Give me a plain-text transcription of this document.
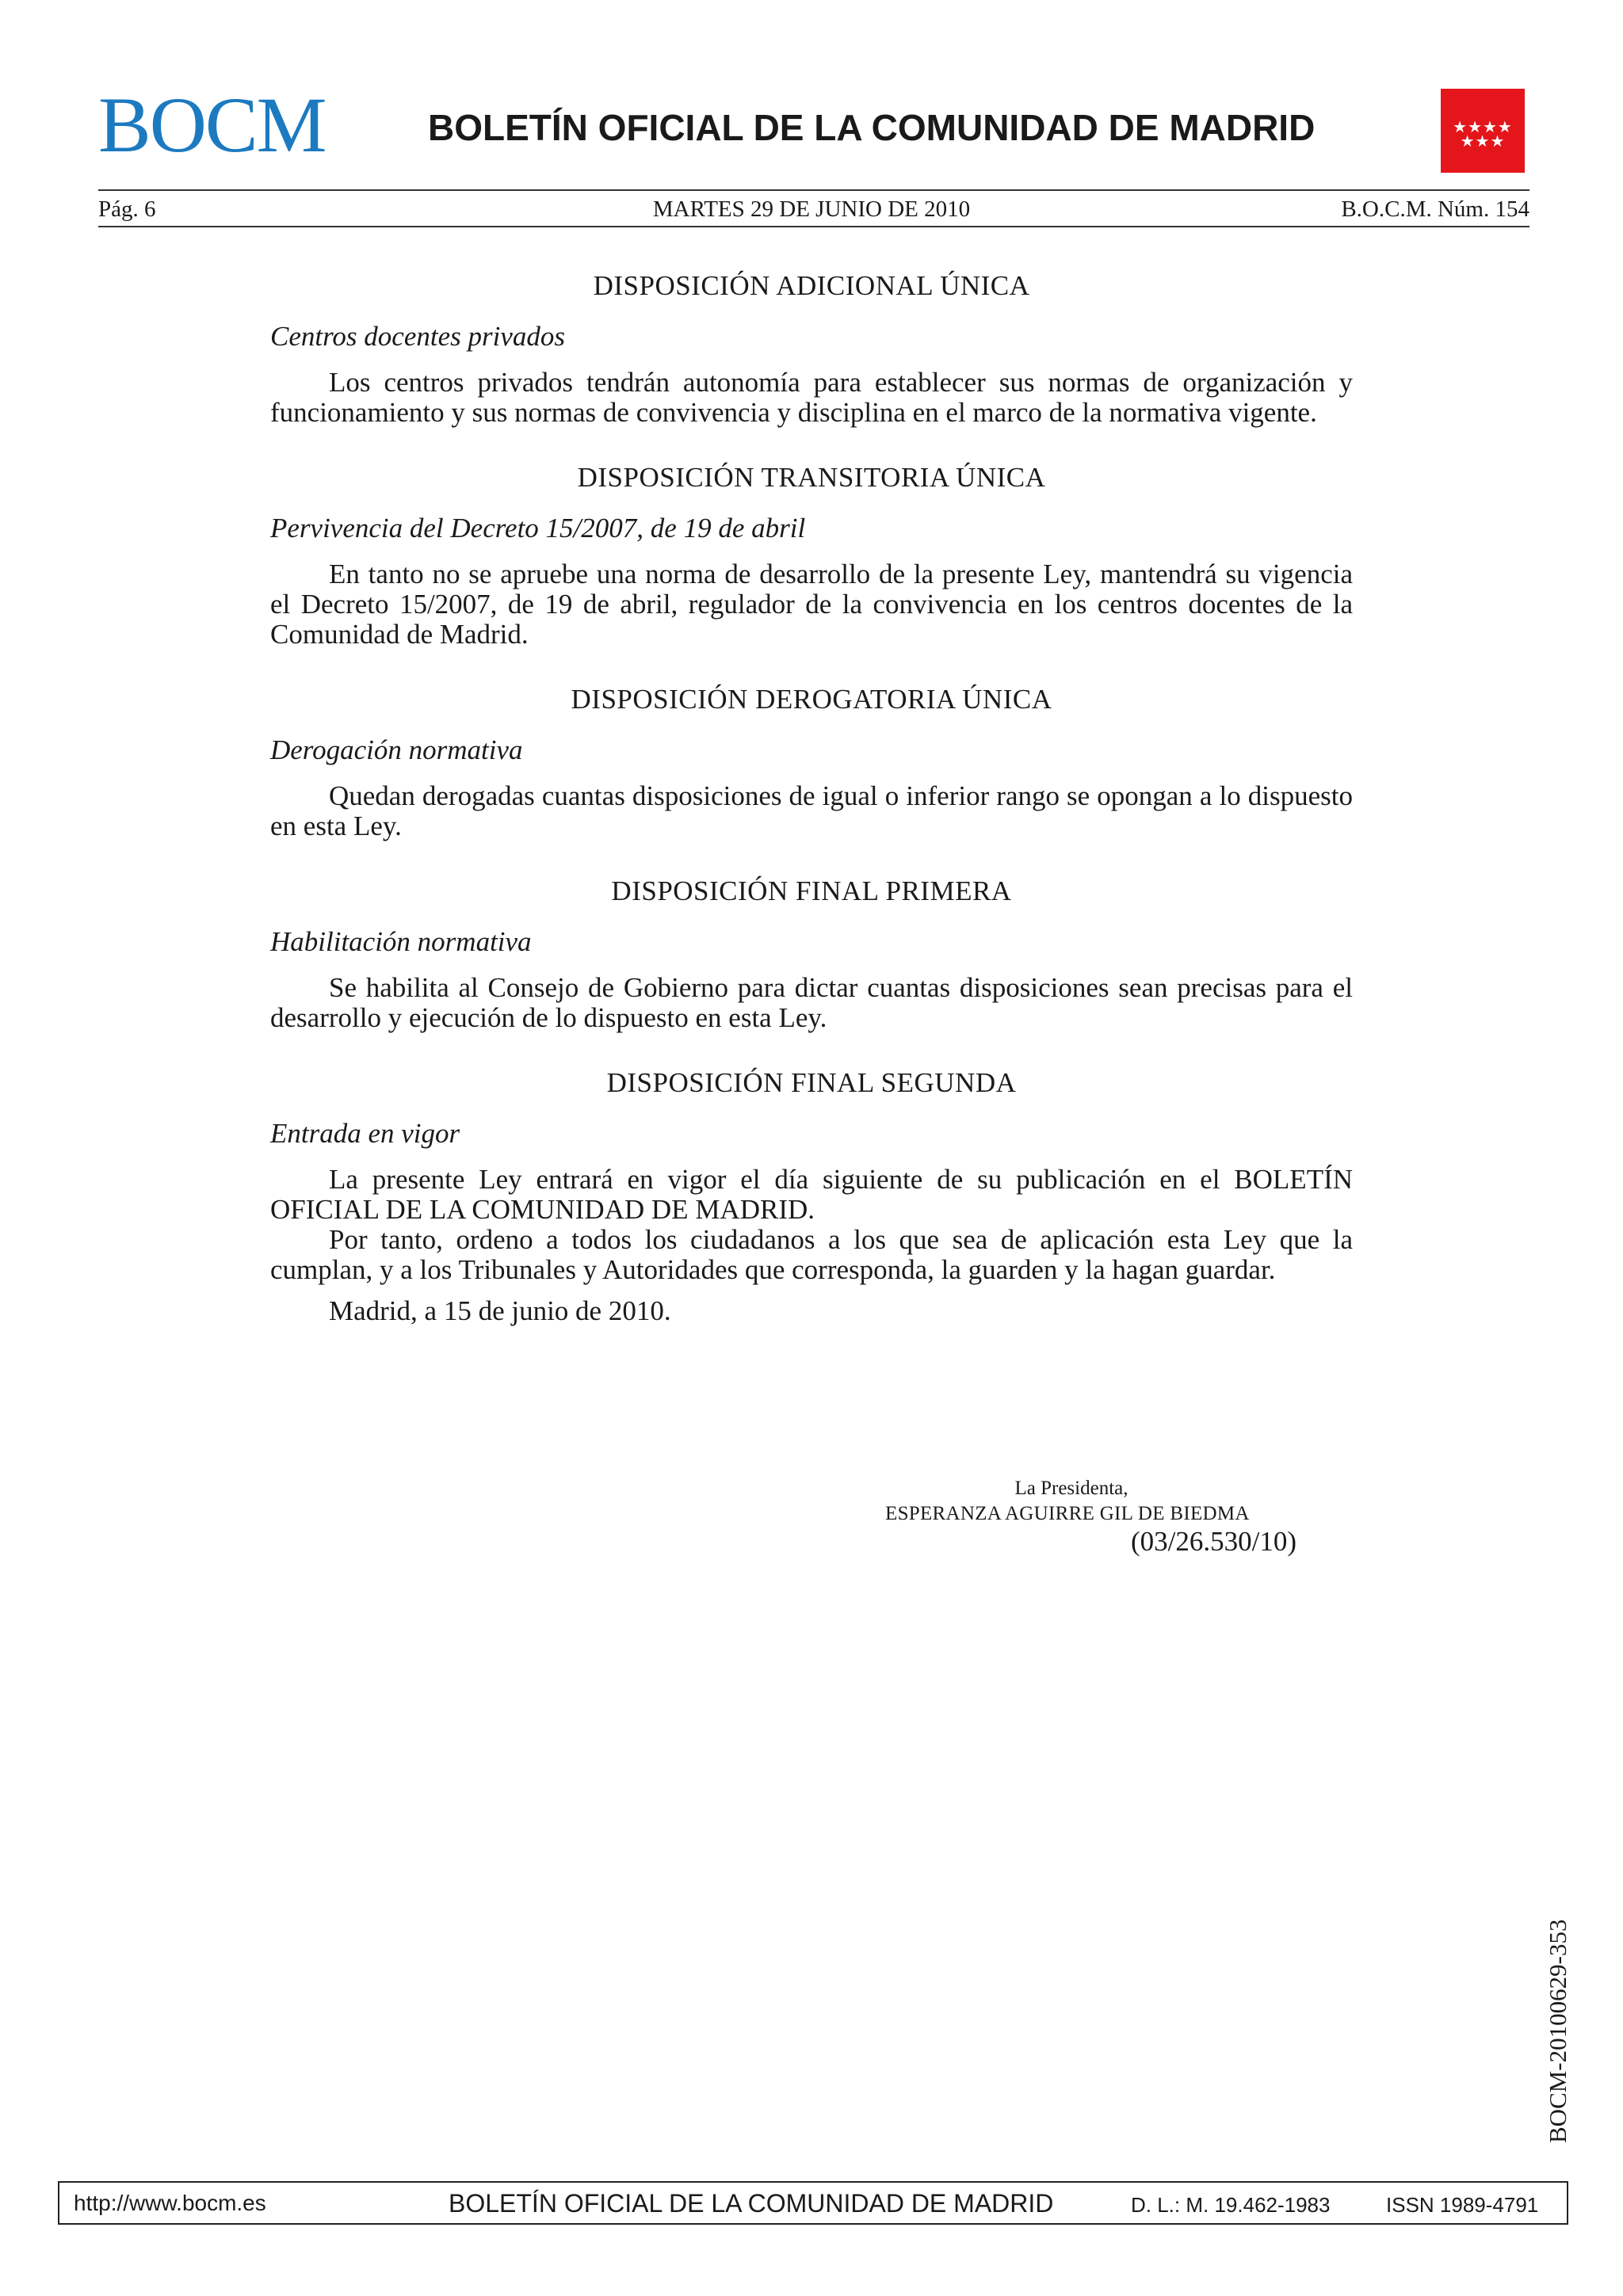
BOCM	BOLETÍN OFICIAL DE LA COMUNIDAD DE MADRID	★★★★
★★★
Pág. 6	MARTES 29 DE JUNIO DE 2010	B.O.C.M. Núm. 154
DISPOSICIÓN ADICIONAL ÚNICA
Centros docentes privados

Los centros privados tendrán autonomía para establecer sus normas de organización y funcionamiento y sus normas de convivencia y disciplina en el marco de la normativa vigente.

DISPOSICIÓN TRANSITORIA ÚNICA
Pervivencia del Decreto 15/2007, de 19 de abril

En tanto no se apruebe una norma de desarrollo de la presente Ley, mantendrá su vigencia el Decreto 15/2007, de 19 de abril, regulador de la convivencia en los centros docentes de la Comunidad de Madrid.

DISPOSICIÓN DEROGATORIA ÚNICA
Derogación normativa

Quedan derogadas cuantas disposiciones de igual o inferior rango se opongan a lo dispuesto en esta Ley.

DISPOSICIÓN FINAL PRIMERA
Habilitación normativa

Se habilita al Consejo de Gobierno para dictar cuantas disposiciones sean precisas para el desarrollo y ejecución de lo dispuesto en esta Ley.

DISPOSICIÓN FINAL SEGUNDA
Entrada en vigor

La presente Ley entrará en vigor el día siguiente de su publicación en el BOLETÍN OFICIAL DE LA COMUNIDAD DE MADRID.

Por tanto, ordeno a todos los ciudadanos a los que sea de aplicación esta Ley que la cumplan, y a los Tribunales y Autoridades que corresponda, la guarden y la hagan guardar.

Madrid, a 15 de junio de 2010.
La Presidenta,
ESPERANZA AGUIRRE GIL DE BIEDMA
(03/26.530/10)
BOCM-20100629-353
http://www.bocm.es	BOLETÍN OFICIAL DE LA COMUNIDAD DE MADRID	D. L.: M. 19.462-1983	ISSN 1989-4791
